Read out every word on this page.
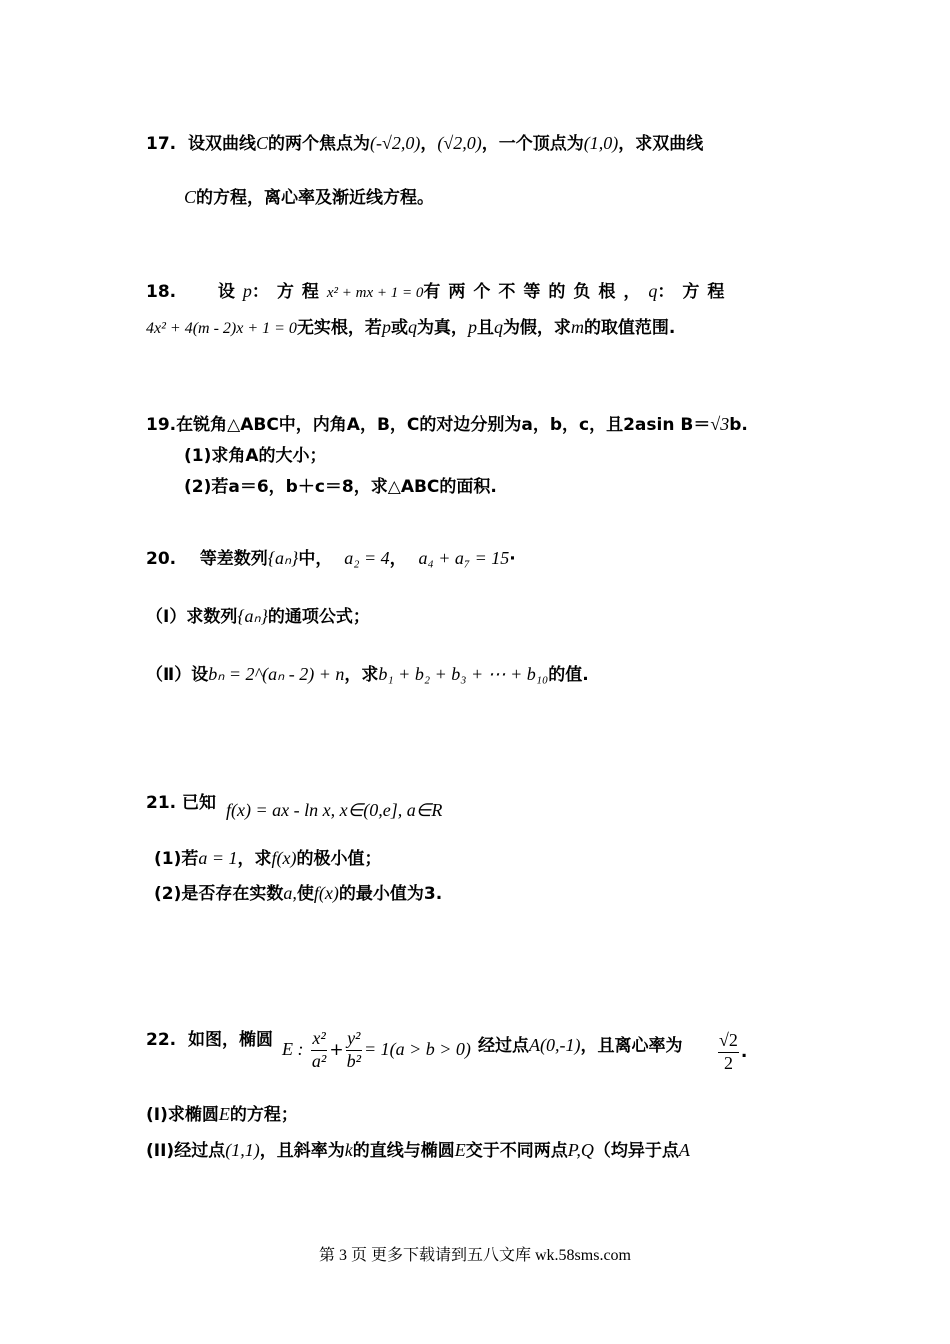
17. 设双曲线C的两个焦点为(-√2,0)，(√2,0)，一个顶点为(1,0)，求双曲线
C的方程，离心率及渐近线方程。
18. 设p：方程x² + mx + 1 = 0有两个不等的负根，q：方程
4x² + 4(m - 2)x + 1 = 0无实根，若p或q为真，p且q为假，求m的取值范围.
19.在锐角△ABC中，内角A，B，C的对边分别为a，b，c，且2asin B＝√3b.
(1)求角A的大小；
(2)若a＝6，b＋c＝8，求△ABC的面积.
20. 等差数列{aₙ}中， a₂ = 4， a₄ + a₇ = 15·
（Ⅰ）求数列{aₙ}的通项公式；
（Ⅱ）设bₙ = 2^(aₙ - 2) + n，求b₁ + b₂ + b₃ + ⋯ + b₁₀的值.
21. 已知 f(x) = ax - ln x, x∈(0,e], a∈R
(1)若a = 1，求f(x)的极小值；
(2)是否存在实数a,使f(x)的最小值为3.
22. 如图，椭圆 E : $\frac{\text{x²}}{\text{a²}} + \frac{\text{y²}}{\text{b²}} = 1(a > b > 0)$ 经过点A(0,-1)，且离心率为 $\frac{√2}{2}$ .
(I)求椭圆E的方程；
(II)经过点(1,1)，且斜率为k的直线与椭圆E交于不同两点P,Q（均异于点A
第 3 页 更多下载请到五八文库 wk.58sms.com
